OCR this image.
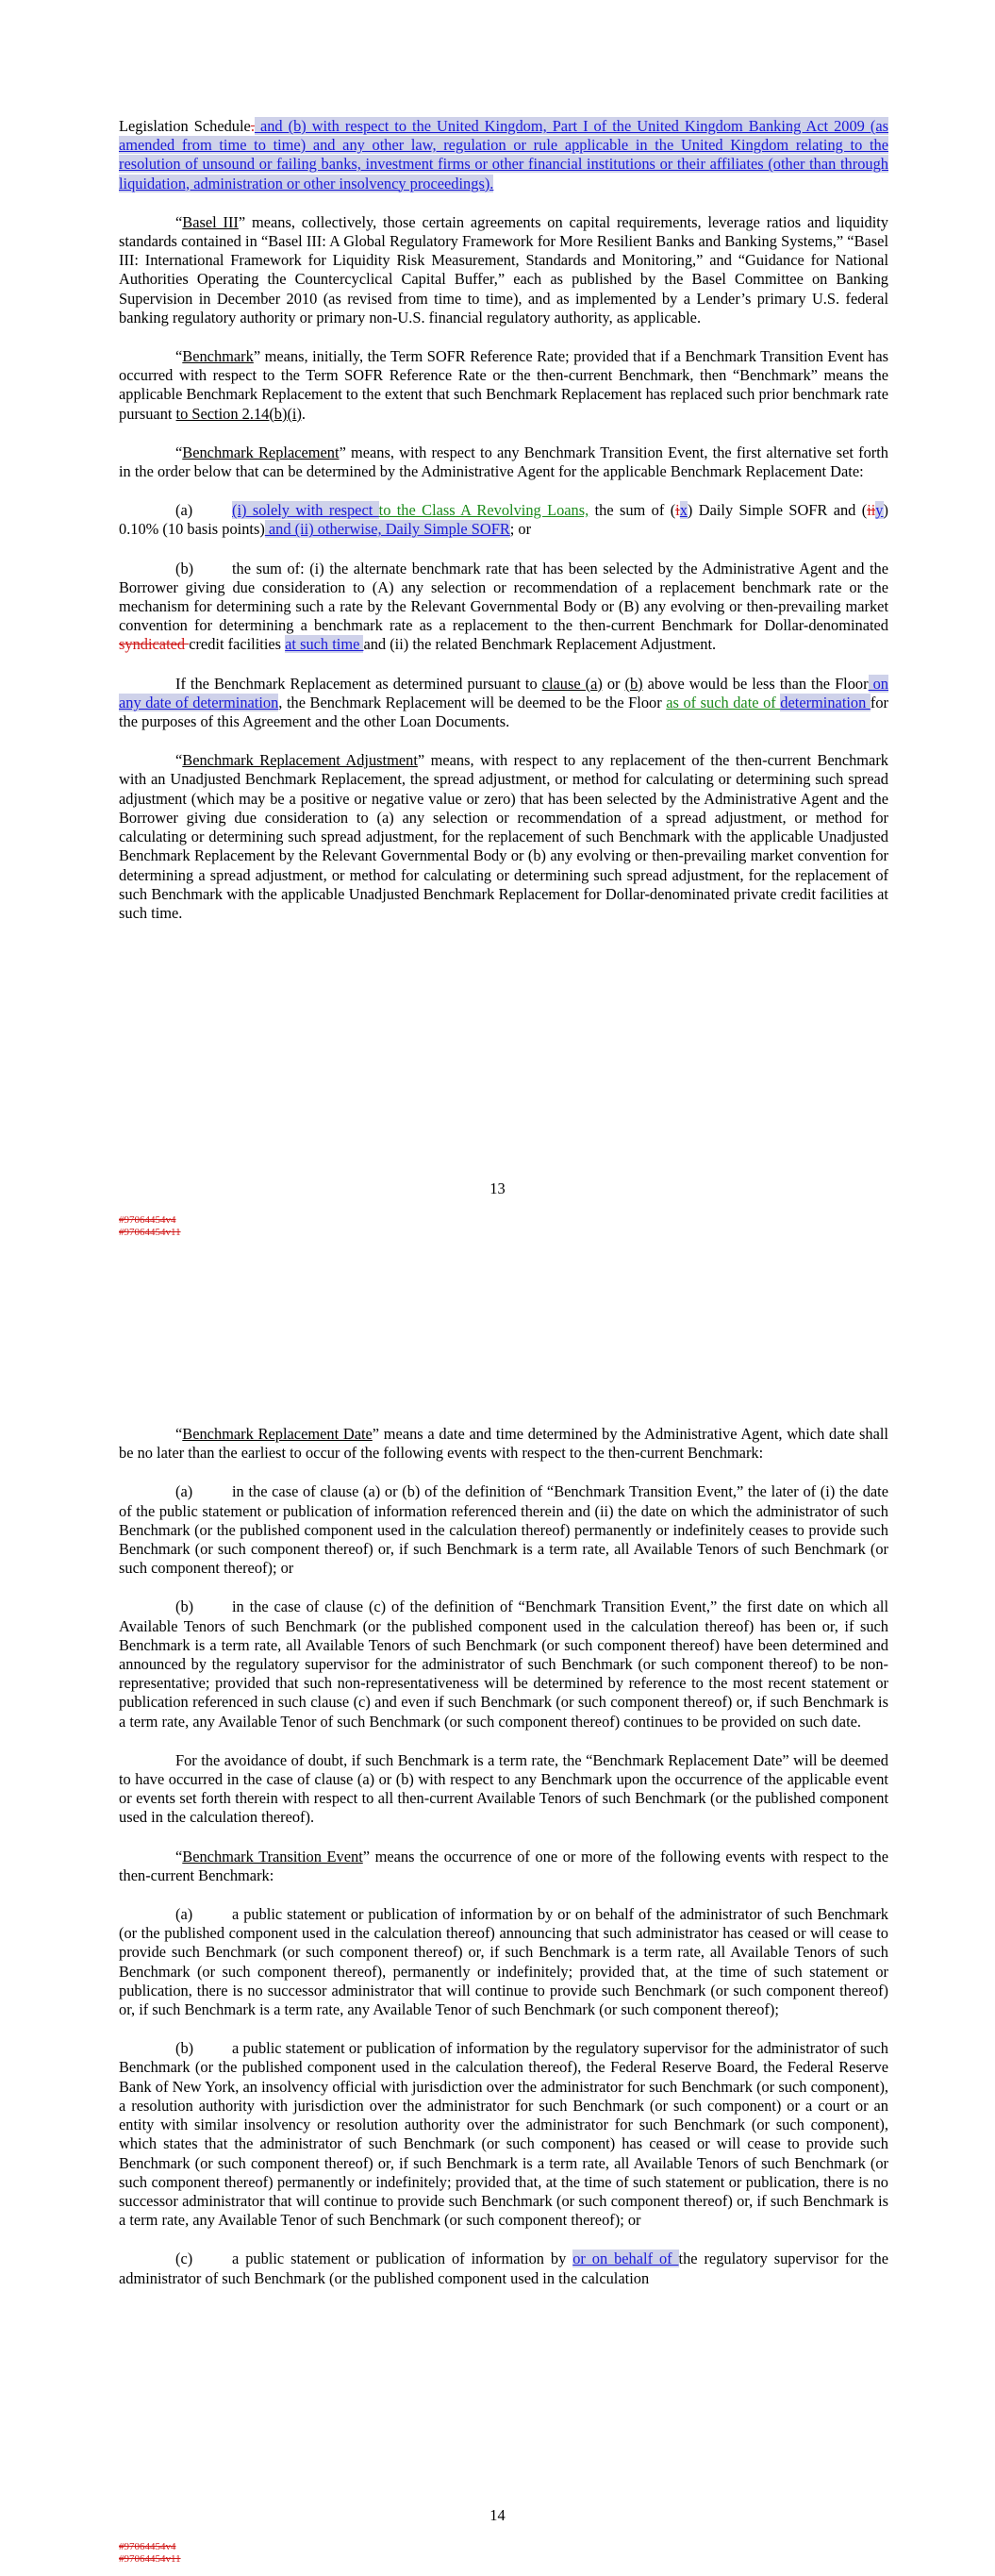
Legislation Schedule. and (b) with respect to the United Kingdom, Part I of the United Kingdom Banking Act 2009 (as amended from time to time) and any other law, regulation or rule applicable in the United Kingdom relating to the resolution of unsound or failing banks, investment firms or other financial institutions or their affiliates (other than through liquidation, administration or other insolvency proceedings).

“Basel III” means, collectively, those certain agreements on capital requirements, leverage ratios and liquidity standards contained in “Basel III: A Global Regulatory Framework for More Resilient Banks and Banking Systems,” “Basel III: International Framework for Liquidity Risk Measurement, Standards and Monitoring,” and “Guidance for National Authorities Operating the Countercyclical Capital Buffer,” each as published by the Basel Committee on Banking Supervision in December 2010 (as revised from time to time), and as implemented by a Lender’s primary U.S. federal banking regulatory authority or primary non-U.S. financial regulatory authority, as applicable.

“Benchmark” means, initially, the Term SOFR Reference Rate; provided that if a Benchmark Transition Event has occurred with respect to the Term SOFR Reference Rate or the then-current Benchmark, then “Benchmark” means the applicable Benchmark Replacement to the extent that such Benchmark Replacement has replaced such prior benchmark rate pursuant to Section 2.14(b)(i).

“Benchmark Replacement” means, with respect to any Benchmark Transition Event, the first alternative set forth in the order below that can be determined by the Administrative Agent for the applicable Benchmark Replacement Date:

(a)	(i) solely with respect to the Class A Revolving Loans, the sum of (ix) Daily Simple SOFR and (iiy) 0.10% (10 basis points) and (ii) otherwise, Daily Simple SOFR; or

(b) the sum of: (i) the alternate benchmark rate that has been selected by the Administrative Agent and the Borrower giving due consideration to (A) any selection or recommendation of a replacement benchmark rate or the mechanism for determining such a rate by the Relevant Governmental Body or (B) any evolving or then-prevailing market convention for determining a benchmark rate as a replacement to the then-current Benchmark for Dollar-denominated syndicated credit facilities at such time and (ii) the related Benchmark Replacement Adjustment.

If the Benchmark Replacement as determined pursuant to clause (a) or (b) above would be less than the Floor on any date of determination, the Benchmark Replacement will be deemed to be the Floor as of such date of determination for the purposes of this Agreement and the other Loan Documents.

“Benchmark Replacement Adjustment” means, with respect to any replacement of the then-current Benchmark with an Unadjusted Benchmark Replacement, the spread adjustment, or method for calculating or determining such spread adjustment (which may be a positive or negative value or zero) that has been selected by the Administrative Agent and the Borrower giving due consideration to (a) any selection or recommendation of a spread adjustment, or method for calculating or determining such spread adjustment, for the replacement of such Benchmark with the applicable Unadjusted Benchmark Replacement by the Relevant Governmental Body or (b) any evolving or then-prevailing market convention for determining a spread adjustment, or method for calculating or determining such spread adjustment, for the replacement of such Benchmark with the applicable Unadjusted Benchmark Replacement for Dollar-denominated private credit facilities at such time.

13
#97064454v4
#97064454v11

“Benchmark Replacement Date” means a date and time determined by the Administrative Agent, which date shall be no later than the earliest to occur of the following events with respect to the then-current Benchmark:

(a)	in the case of clause (a) or (b) of the definition of “Benchmark Transition Event,” the later of (i) the date of the public statement or publication of information referenced therein and (ii) the date on which the administrator of such Benchmark (or the published component used in the calculation thereof) permanently or indefinitely ceases to provide such Benchmark (or such component thereof) or, if such Benchmark is a term rate, all Available Tenors of such Benchmark (or such component thereof); or

(b) in the case of clause (c) of the definition of “Benchmark Transition Event,” the first date on which all Available Tenors of such Benchmark (or the published component used in the calculation thereof) has been or, if such Benchmark is a term rate, all Available Tenors of such Benchmark (or such component thereof) have been determined and announced by the regulatory supervisor for the administrator of such Benchmark (or such component thereof) to be non-representative; provided that such non-representativeness will be determined by reference to the most recent statement or publication referenced in such clause (c) and even if such Benchmark (or such component thereof) or, if such Benchmark is a term rate, any Available Tenor of such Benchmark (or such component thereof) continues to be provided on such date.

For the avoidance of doubt, if such Benchmark is a term rate, the “Benchmark Replacement Date” will be deemed to have occurred in the case of clause (a) or (b) with respect to any Benchmark upon the occurrence of the applicable event or events set forth therein with respect to all then-current Available Tenors of such Benchmark (or the published component used in the calculation thereof).

“Benchmark Transition Event” means the occurrence of one or more of the following events with respect to the then-current Benchmark:

(a)	a public statement or publication of information by or on behalf of the administrator of such Benchmark (or the published component used in the calculation thereof) announcing that such administrator has ceased or will cease to provide such Benchmark (or such component thereof) or, if such Benchmark is a term rate, all Available Tenors of such Benchmark (or such component thereof), permanently or indefinitely; provided that, at the time of such statement or publication, there is no successor administrator that will continue to provide such Benchmark (or such component thereof) or, if such Benchmark is a term rate, any Available Tenor of such Benchmark (or such component thereof);

(b) a public statement or publication of information by the regulatory supervisor for the administrator of such Benchmark (or the published component used in the calculation thereof), the Federal Reserve Board, the Federal Reserve Bank of New York, an insolvency official with jurisdiction over the administrator for such Benchmark (or such component), a resolution authority with jurisdiction over the administrator for such Benchmark (or such component) or a court or an entity with similar insolvency or resolution authority over the administrator for such Benchmark (or such component), which states that the administrator of such Benchmark (or such component) has ceased or will cease to provide such Benchmark (or such component thereof) or, if such Benchmark is a term rate, all Available Tenors of such Benchmark (or such component thereof) permanently or indefinitely; provided that, at the time of such statement or publication, there is no successor administrator that will continue to provide such Benchmark (or such component thereof) or, if such Benchmark is a term rate, any Available Tenor of such Benchmark (or such component thereof); or

(c)	a public statement or publication of information by or on behalf of the regulatory supervisor for the administrator of such Benchmark (or the published component used in the calculation

14
#97064454v4
#97064454v11
